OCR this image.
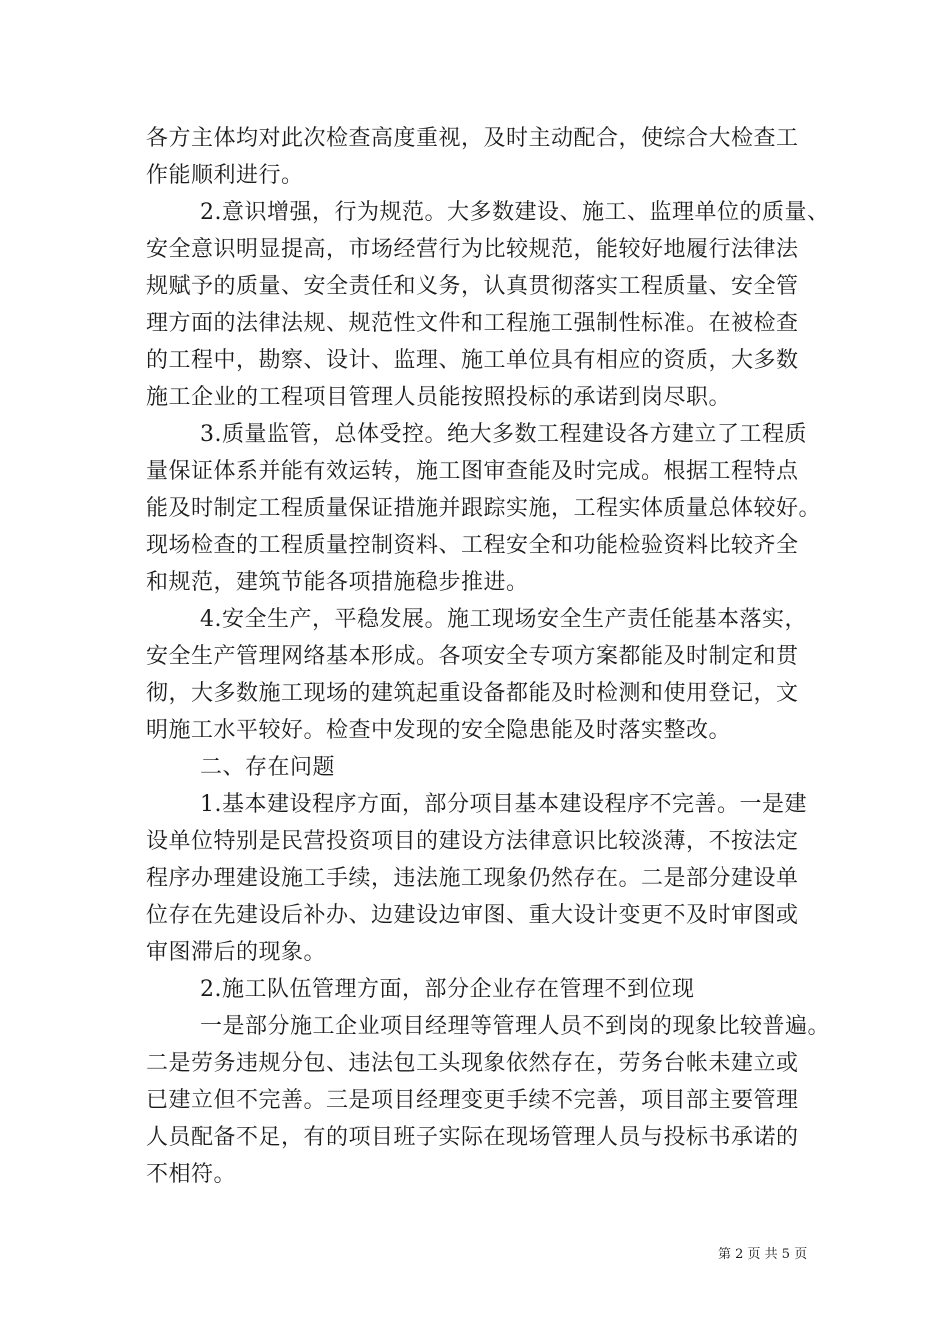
各方主体均对此次检查高度重视，及时主动配合，使综合大检查工
作能顺利进行。
2.意识增强，行为规范。大多数建设、施工、监理单位的质量、
安全意识明显提高，市场经营行为比较规范，能较好地履行法律法
规赋予的质量、安全责任和义务，认真贯彻落实工程质量、安全管
理方面的法律法规、规范性文件和工程施工强制性标准。在被检查
的工程中，勘察、设计、监理、施工单位具有相应的资质，大多数
施工企业的工程项目管理人员能按照投标的承诺到岗尽职。
3.质量监管，总体受控。绝大多数工程建设各方建立了工程质
量保证体系并能有效运转，施工图审查能及时完成。根据工程特点
能及时制定工程质量保证措施并跟踪实施，工程实体质量总体较好。
现场检查的工程质量控制资料、工程安全和功能检验资料比较齐全
和规范，建筑节能各项措施稳步推进。
4.安全生产，平稳发展。施工现场安全生产责任能基本落实，
安全生产管理网络基本形成。各项安全专项方案都能及时制定和贯
彻，大多数施工现场的建筑起重设备都能及时检测和使用登记，文
明施工水平较好。检查中发现的安全隐患能及时落实整改。
二、存在问题
1.基本建设程序方面，部分项目基本建设程序不完善。一是建
设单位特别是民营投资项目的建设方法律意识比较淡薄，不按法定
程序办理建设施工手续，违法施工现象仍然存在。二是部分建设单
位存在先建设后补办、边建设边审图、重大设计变更不及时审图或
审图滞后的现象。
2.施工队伍管理方面，部分企业存在管理不到位现
一是部分施工企业项目经理等管理人员不到岗的现象比较普遍。
二是劳务违规分包、违法包工头现象依然存在，劳务台帐未建立或
已建立但不完善。三是项目经理变更手续不完善，项目部主要管理
人员配备不足，有的项目班子实际在现场管理人员与投标书承诺的
不相符。
第 2 页 共 5 页
